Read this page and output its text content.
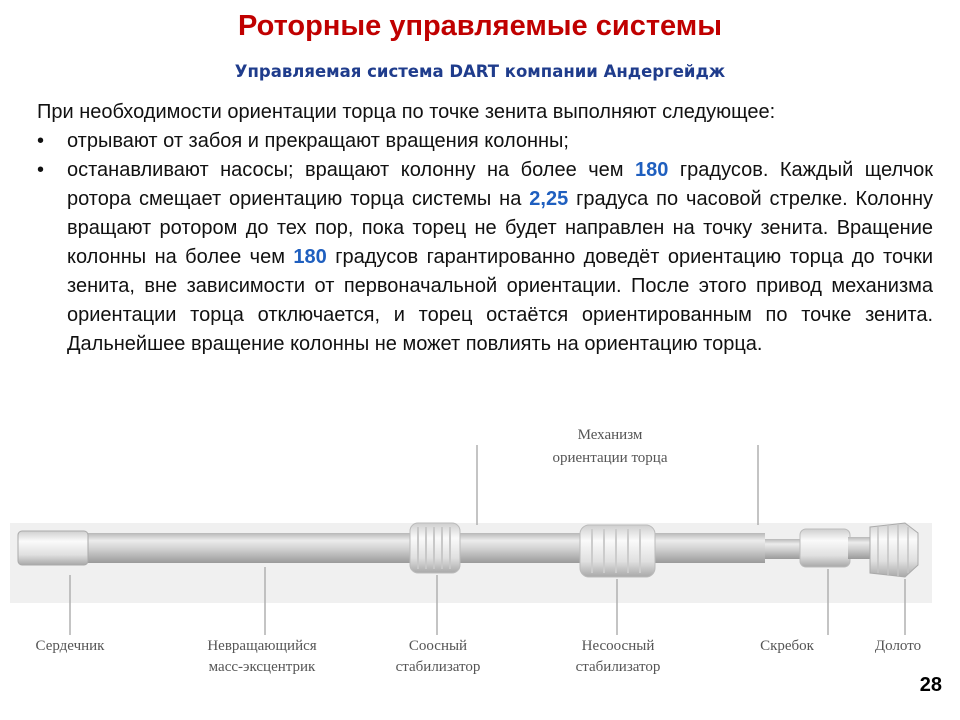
Роторные управляемые системы
Управляемая система DART компании Андергейдж

При необходимости ориентации торца по точке зенита выполняют следующее:

• отрывают от забоя и прекращают вращения колонны;
• останавливают насосы; вращают колонну на более чем 180 градусов. Каждый щелчок ротора смещает ориентацию торца системы на 2,25 градуса по часовой стрелке. Колонну вращают ротором до тех пор, пока торец не будет направлен на точку зенита. Вращение колонны на более чем 180 градусов гарантированно доведёт ориентацию торца до точки зенита, вне зависимости от первоначальной ориентации. После этого привод механизма ориентации торца отключается, и торец остаётся ориентированным по точке зенита. Дальнейшее вращение колонны не может повлиять на ориентацию торца.
Механизм
ориентации торца
Сердечник	Невращающийся
масс-эксцентрик
Соосный
стабилизатор
Несоосный
стабилизатор
Скребок	Долото
28
